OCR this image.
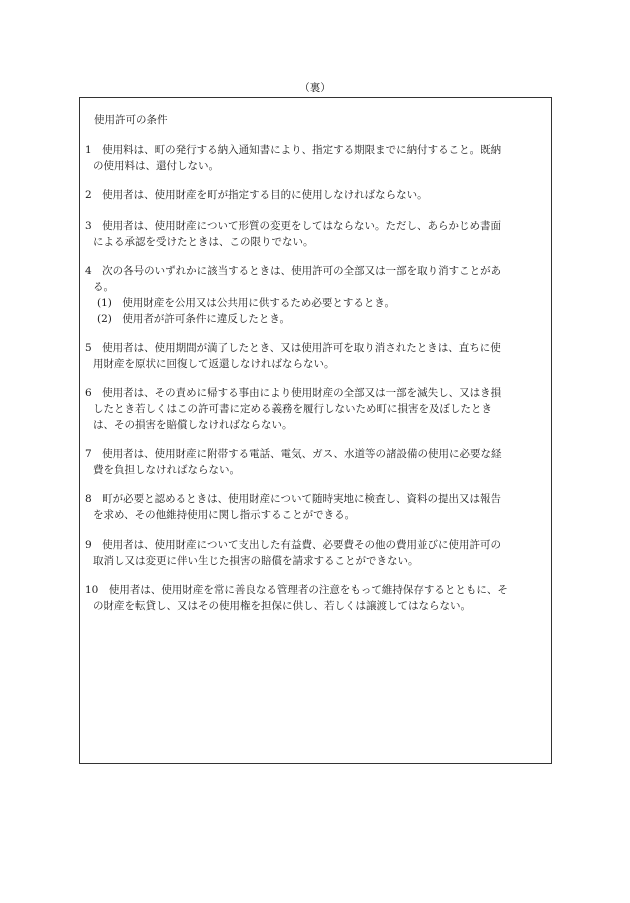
（裏）
使用許可の条件
1　使用料は、町の発行する納入通知書により、指定する期限までに納付すること。既納
の使用料は、還付しない。
2　使用者は、使用財産を町が指定する目的に使用しなければならない。
3　使用者は、使用財産について形質の変更をしてはならない。ただし、あらかじめ書面
による承認を受けたときは、この限りでない。
4　次の各号のいずれかに該当するときは、使用許可の全部又は一部を取り消すことがあ
る。
(1)　使用財産を公用又は公共用に供するため必要とするとき。
(2)　使用者が許可条件に違反したとき。
5　使用者は、使用期間が満了したとき、又は使用許可を取り消されたときは、直ちに使
用財産を原状に回復して返還しなければならない。
6　使用者は、その責めに帰する事由により使用財産の全部又は一部を滅失し、又はき損
したとき若しくはこの許可書に定める義務を履行しないため町に損害を及ぼしたとき
は、その損害を賠償しなければならない。
7　使用者は、使用財産に附帯する電話、電気、ガス、水道等の諸設備の使用に必要な経
費を負担しなければならない。
8　町が必要と認めるときは、使用財産について随時実地に検査し、資料の提出又は報告
を求め、その他維持使用に関し指示することができる。
9　使用者は、使用財産について支出した有益費、必要費その他の費用並びに使用許可の
取消し又は変更に伴い生じた損害の賠償を請求することができない。
10　使用者は、使用財産を常に善良なる管理者の注意をもって維持保存するとともに、そ
の財産を転貸し、又はその使用権を担保に供し、若しくは譲渡してはならない。
